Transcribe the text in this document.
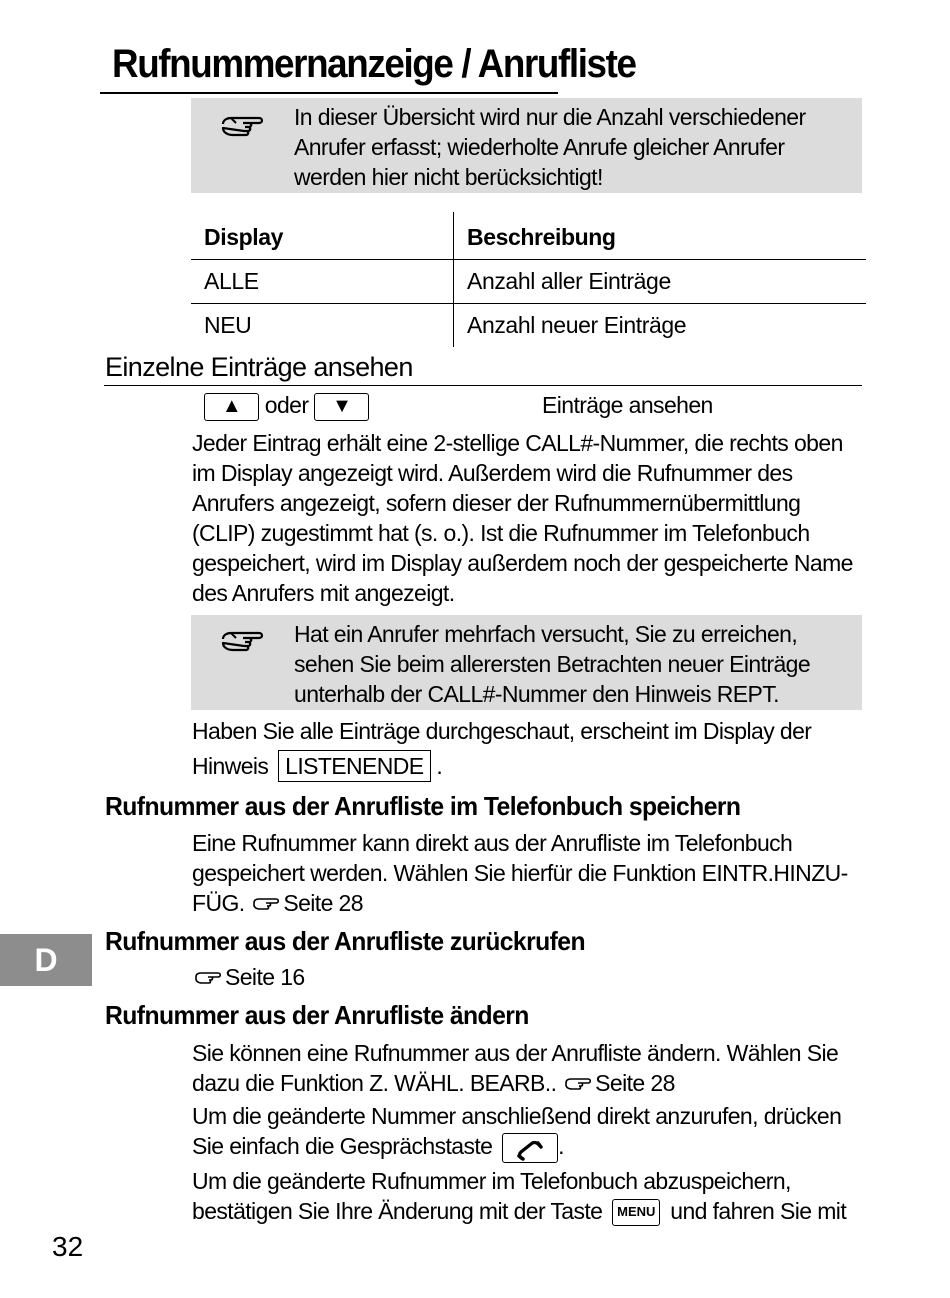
Rufnummernanzeige / Anrufliste
In dieser Übersicht wird nur die Anzahl verschiedener Anrufer erfasst; wiederholte Anrufe gleicher Anrufer werden hier nicht berücksichtigt!
Display	Beschreibung
ALLE	Anzahl aller Einträge
NEU	Anzahl neuer Einträge
Einzelne Einträge ansehen
▲ oder ▼	Einträge ansehen
Jeder Eintrag erhält eine 2-stellige CALL#-Nummer, die rechts oben im Display angezeigt wird. Außerdem wird die Rufnummer des Anrufers angezeigt, sofern dieser der Rufnummernübermittlung (CLIP) zugestimmt hat (s. o.). Ist die Rufnummer im Telefonbuch gespeichert, wird im Display außerdem noch der gespeicherte Name des Anrufers mit angezeigt.
Hat ein Anrufer mehrfach versucht, Sie zu erreichen, sehen Sie beim allerersten Betrachten neuer Einträge unterhalb der CALL#-Nummer den Hinweis REPT.
Haben Sie alle Einträge durchgeschaut, erscheint im Display der
Hinweis LISTENENDE .
Rufnummer aus der Anrufliste im Telefonbuch speichern
Eine Rufnummer kann direkt aus der Anrufliste im Telefonbuch gespeichert werden. Wählen Sie hierfür die Funktion EINTR.HINZU- FÜG. Seite 28
D
Rufnummer aus der Anrufliste zurückrufen
Seite 16
Rufnummer aus der Anrufliste ändern
Sie können eine Rufnummer aus der Anrufliste ändern. Wählen Sie dazu die Funktion Z. WÄHL. BEARB.. Seite 28
Um die geänderte Nummer anschließend direkt anzurufen, drücken Sie einfach die Gesprächstaste	.
Um die geänderte Rufnummer im Telefonbuch abzuspeichern, bestätigen Sie Ihre Änderung mit der Taste MENU und fahren Sie mit
32
